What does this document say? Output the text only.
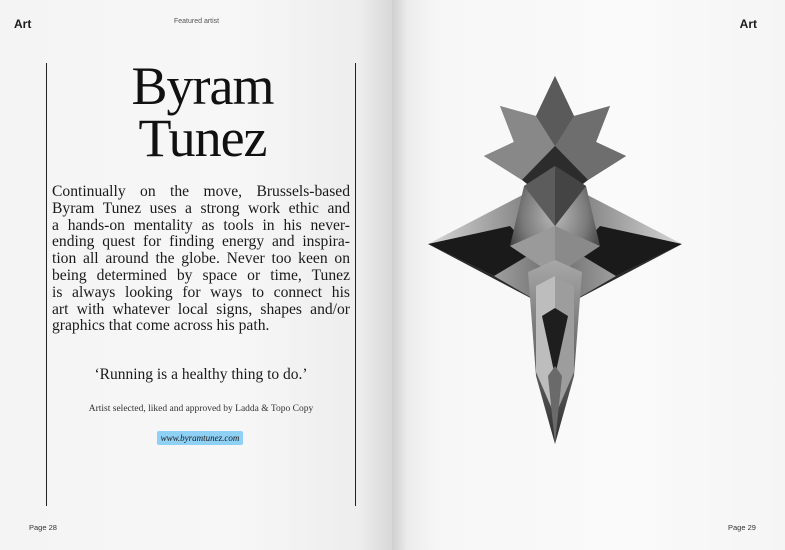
Art	Featured artist
Byram
Tunez
Continually on the move, Brussels-based
Byram Tunez uses a strong work ethic and
a hands-on mentality as tools in his never-
ending quest for finding energy and inspira-
tion all around the globe. Never too keen on
being determined by space or time, Tunez
is always looking for ways to connect his
art with whatever local signs, shapes and/or
graphics that come across his path.
‘Running is a healthy thing to do.’
Artist selected, liked and approved by Ladda & Topo Copy
www.byramtunez.com
Page 28
Art
Page 29
